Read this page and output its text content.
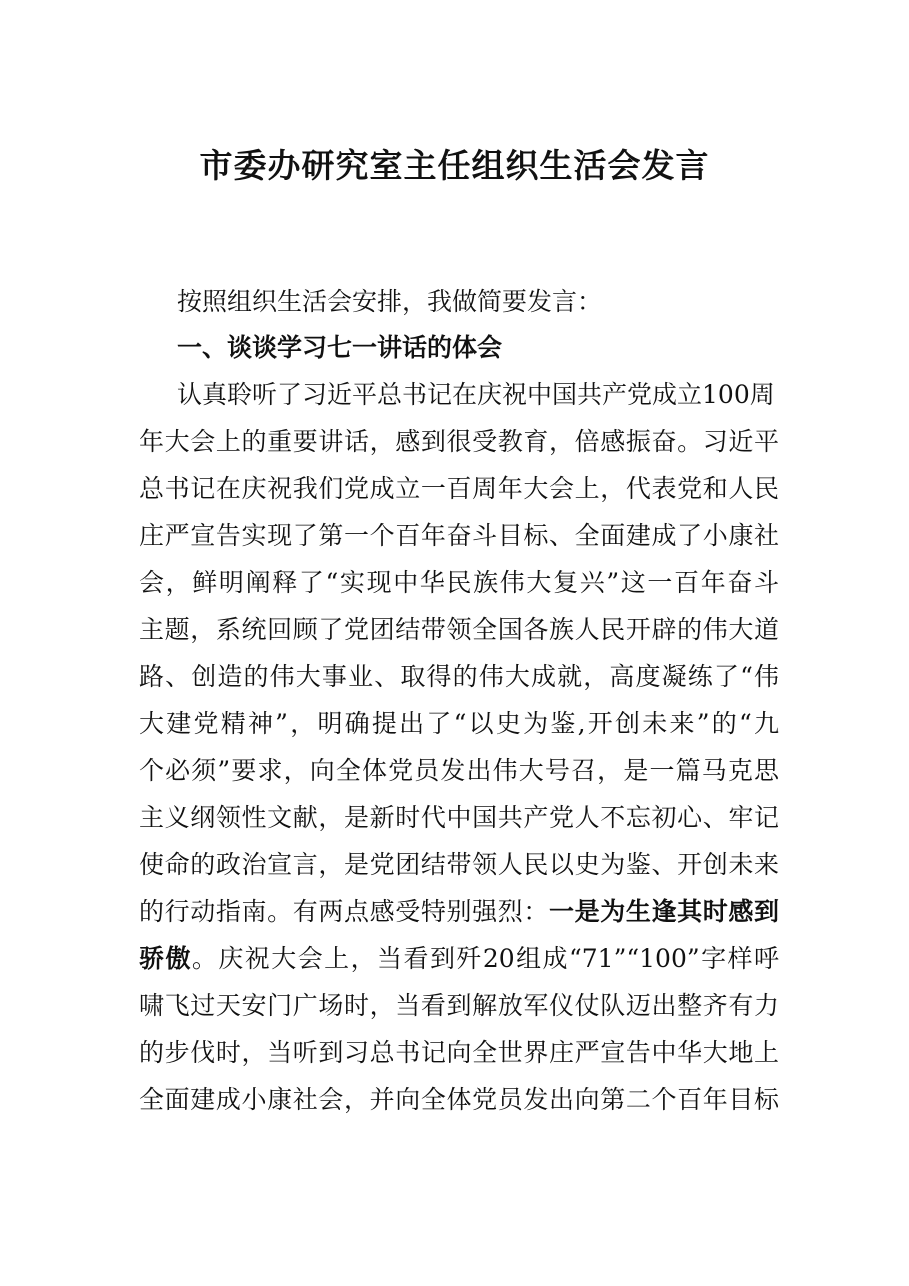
市委办研究室主任组织生活会发言
按照组织生活会安排，我做简要发言：
一、谈谈学习七一讲话的体会
认真聆听了习近平总书记在庆祝中国共产党成立100周
年大会上的重要讲话，感到很受教育，倍感振奋。习近平
总书记在庆祝我们党成立一百周年大会上，代表党和人民
庄严宣告实现了第一个百年奋斗目标、全面建成了小康社
会，鲜明阐释了“实现中华民族伟大复兴”这一百年奋斗
主题，系统回顾了党团结带领全国各族人民开辟的伟大道
路、创造的伟大事业、取得的伟大成就，高度凝练了“伟
大建党精神”，明确提出了“以史为鉴,开创未来”的“九
个必须”要求，向全体党员发出伟大号召，是一篇马克思
主义纲领性文献，是新时代中国共产党人不忘初心、牢记
使命的政治宣言，是党团结带领人民以史为鉴、开创未来
的行动指南。有两点感受特别强烈：一是为生逢其时感到
骄傲。庆祝大会上，当看到歼20组成“71”“100”字样呼
啸飞过天安门广场时，当看到解放军仪仗队迈出整齐有力
的步伐时，当听到习总书记向全世界庄严宣告中华大地上
全面建成小康社会，并向全体党员发出向第二个百年目标
